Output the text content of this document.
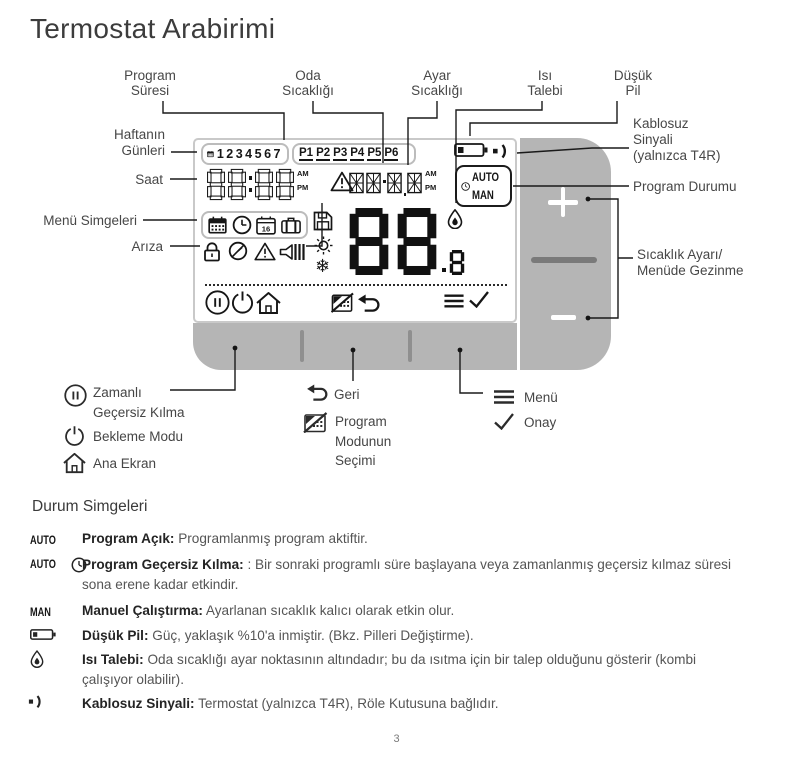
Termostat Arabirimi
Program
Süresi
Oda
Sıcaklığı
Ayar
Sıcaklığı
Isı
Talebi
Düşük
Pil
Haftanın
Günleri
Saat
Menü Simgeleri
Arıza
Kablosuz
Sinyali
(yalnızca T4R)
Program Durumu
Sıcaklık Ayarı/
Menüde Gezinme
1234567 P1 P2 P3 P4 P5 P6
AM
PM
AM
PM
AUTO MAN
16
❄
Zamanlı
Geçersiz Kılma
Bekleme Modu
Ana Ekran
Geri
Program
Modunun
Seçimi
Menü
Onay
Durum Simgeleri
AUTO	Program Açık: Programlanmış program aktiftir.
AUTO Program Geçersiz Kılma: : Bir sonraki programlı süre başlayana veya zamanlanmış geçersiz kılmaz süresi sona erene kadar etkindir.
MAN	Manuel Çalıştırma: Ayarlanan sıcaklık kalıcı olarak etkin olur.
Düşük Pil: Güç, yaklaşık %10'a inmiştir. (Bkz. Pilleri Değiştirme).
Isı Talebi: Oda sıcaklığı ayar noktasının altındadır; bu da ısıtma için bir talep olduğunu gösterir (kombi çalışıyor olabilir).
Kablosuz Sinyali: Termostat (yalnızca T4R), Röle Kutusuna bağlıdır.
3
